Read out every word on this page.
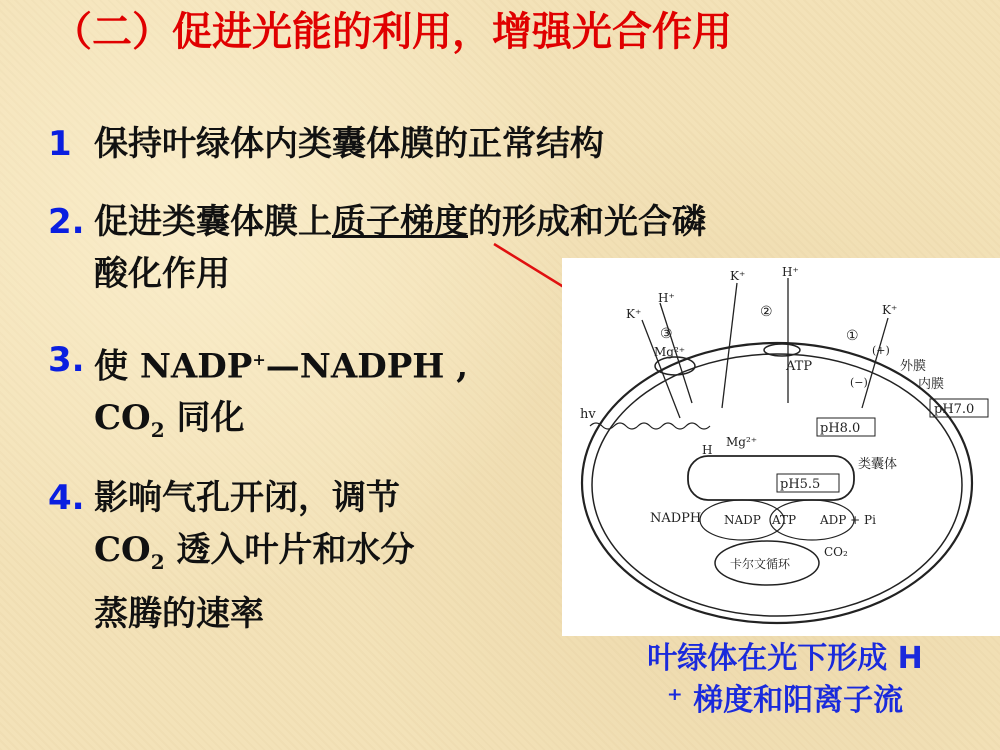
（二）促进光能的利用，增强光合作用
1 保持叶绿体内类囊体膜的正常结构
2. 促进类囊体膜上质子梯度的形成和光合磷
酸化作用
3. 使 NADP+—NADPH ,
$CO_2$ 同化
4. 影响气孔开闭，调节
$CO_2$ 透入叶片和水分
蒸腾的速率
K⁺
H⁺
Mg²⁺
K⁺	H⁺
K⁺
③
②
①
(+)
(−)
外膜
内膜
ATP
pH7.0
pH8.0
hv
H
Mg²⁺
类囊体
pH5.5
NADPH NADP ATP ADP + Pi
卡尔文循环
CO₂
叶绿体在光下形成 H
⁺ 梯度和阳离子流
